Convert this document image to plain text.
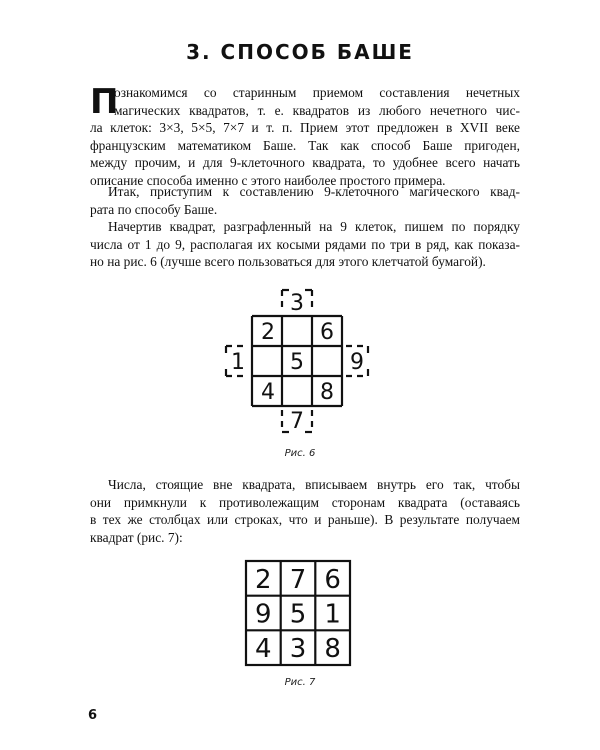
3. СПОСОБ БАШЕ
П
ознакомимся со старинным приемом составления нечетных
магических квадратов, т. е. квадратов из любого нечетного чис-
ла клеток: 3×3, 5×5, 7×7 и т. п. Прием этот предложен в XVII веке
французским математиком Баше. Так как способ Баше пригоден,
между прочим, и для 9-клеточного квадрата, то удобнее всего начать
описание способа именно с этого наиболее простого примера.
Итак, приступим к составлению 9-клеточного магического квад-
рата по способу Баше.
Начертив квадрат, разграфленный на 9 клеток, пишем по порядку
числа от 1 до 9, располагая их косыми рядами по три в ряд, как показа-
но на рис. 6 (лучше всего пользоваться для этого клетчатой бумагой).
3
2 6
1 5 9
4 8
7
Рис. 6
Числа, стоящие вне квадрата, вписываем внутрь его так, чтобы
они примкнули к противолежащим сторонам квадрата (оставаясь
в тех же столбцах или строках, что и раньше). В результате получаем
квадрат (рис. 7):
2 7 6
9 5 1
4 3 8
Рис. 7
6
